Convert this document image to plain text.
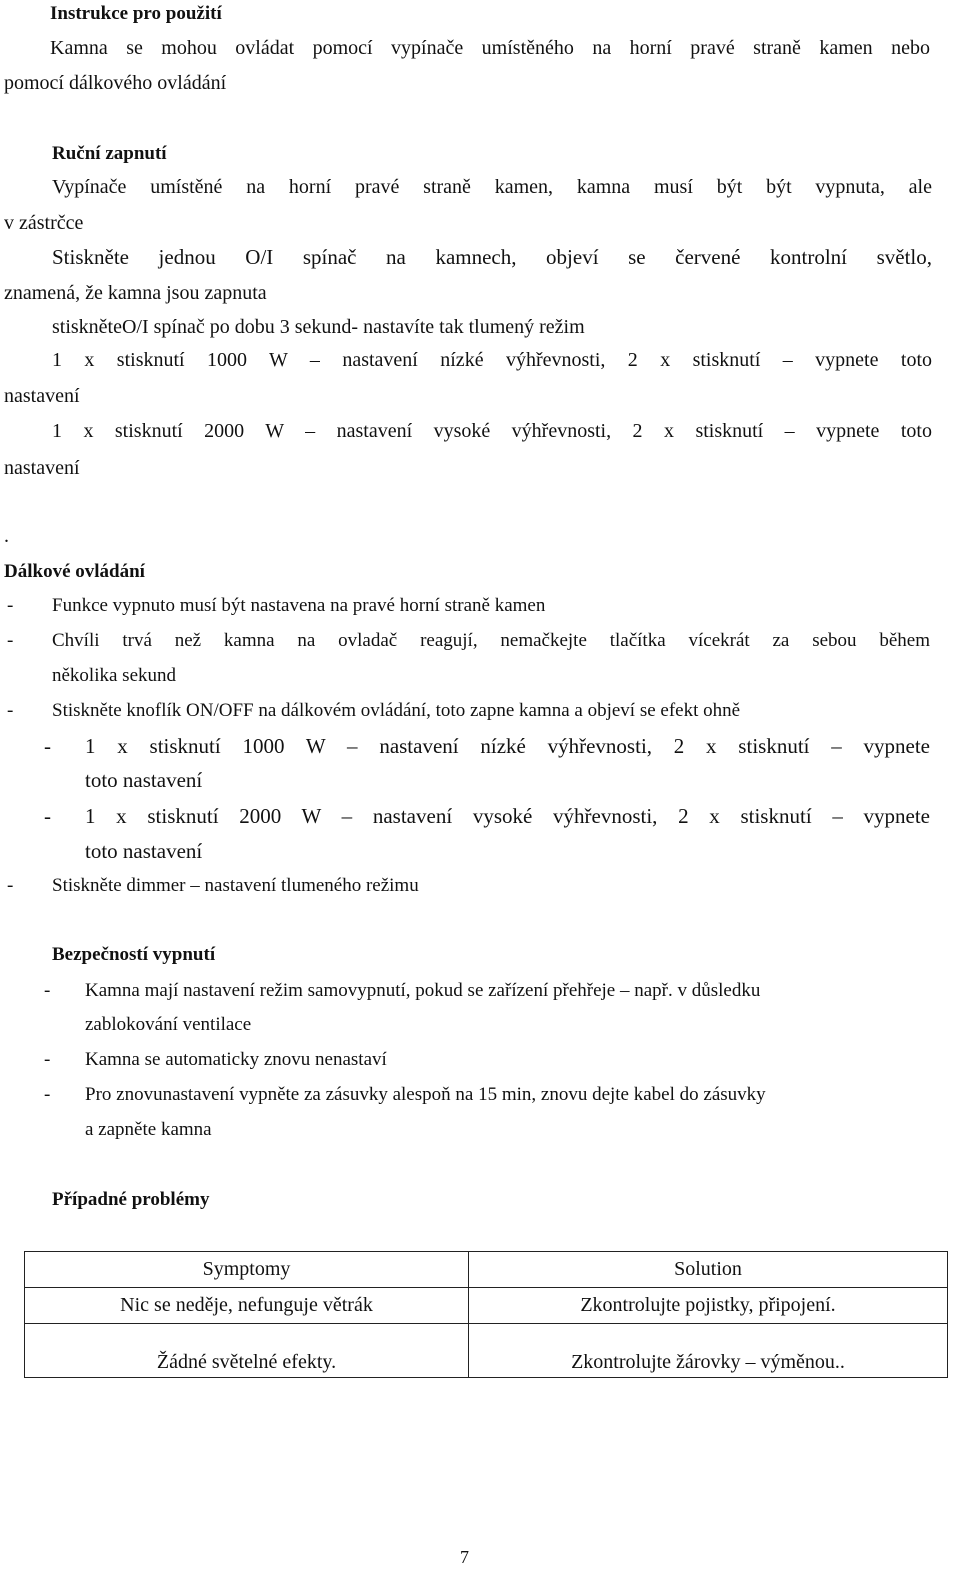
Instrukce pro použití
Kamna se mohou ovládat pomocí vypínače umístěného na horní pravé straně kamen nebo
pomocí dálkového ovládání
Ruční zapnutí
Vypínače umístěné na horní pravé straně kamen, kamna musí být být vypnuta, ale
v zástrčce
Stiskněte jednou O/I spínač na kamnech, objeví se červené kontrolní světlo,
znamená, že kamna jsou zapnuta
stiskněteO/I spínač po dobu 3 sekund- nastavíte tak tlumený režim
1 x stisknutí 1000 W – nastavení nízké výhřevnosti, 2 x stisknutí – vypnete toto
nastavení
1 x stisknutí 2000 W – nastavení vysoké výhřevnosti, 2 x stisknutí – vypnete toto
nastavení
.
Dálkové ovládání
- Funkce vypnuto musí být nastavena na pravé horní straně kamen
- Chvíli trvá než kamna na ovladač reagují, nemačkejte tlačítka vícekrát za sebou během
několika sekund
- Stiskněte knoflík ON/OFF na dálkovém ovládání, toto zapne kamna a objeví se efekt ohně
- 1 x stisknutí 1000 W – nastavení nízké výhřevnosti, 2 x stisknutí – vypnete
toto nastavení
- 1 x stisknutí 2000 W – nastavení vysoké výhřevnosti, 2 x stisknutí – vypnete
toto nastavení
- Stiskněte dimmer – nastavení tlumeného režimu
Bezpečností vypnutí
- Kamna mají nastavení režim samovypnutí, pokud se zařízení přehřeje – např. v důsledku
zablokování ventilace
- Kamna se automaticky znovu nenastaví
- Pro znovunastavení vypněte za zásuvky alespoň na 15 min, znovu dejte kabel do zásuvky
a zapněte kamna
Případné problémy
Symptomy	Solution
Nic se neděje, nefunguje větrák	Zkontrolujte pojistky, připojení.
Žádné světelné efekty.	Zkontrolujte žárovky – výměnou..
7
